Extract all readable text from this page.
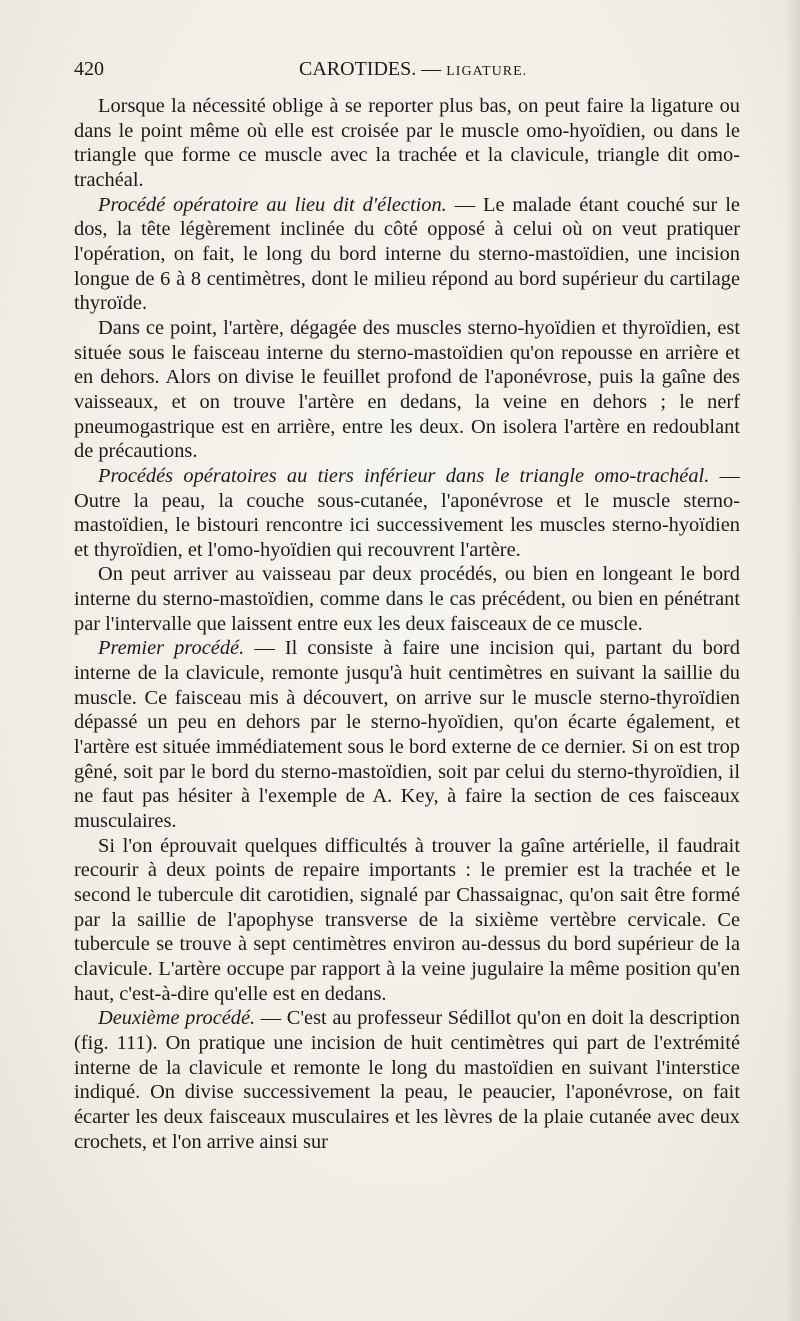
420	CAROTIDES. — LIGATURE.

Lorsque la nécessité oblige à se reporter plus bas, on peut faire la ligature ou dans le point même où elle est croisée par le muscle omo-hyoïdien, ou dans le triangle que forme ce muscle avec la trachée et la clavicule, triangle dit omo-trachéal.

Procédé opératoire au lieu dit d'élection. — Le malade étant couché sur le dos, la tête légèrement inclinée du côté opposé à celui où on veut pratiquer l'opération, on fait, le long du bord interne du sterno-mastoïdien, une incision longue de 6 à 8 centimètres, dont le milieu répond au bord supérieur du cartilage thyroïde.

Dans ce point, l'artère, dégagée des muscles sterno-hyoïdien et thyroïdien, est située sous le faisceau interne du sterno-mastoïdien qu'on repousse en arrière et en dehors. Alors on divise le feuillet profond de l'aponévrose, puis la gaîne des vaisseaux, et on trouve l'artère en dedans, la veine en dehors ; le nerf pneumogastrique est en arrière, entre les deux. On isolera l'artère en redoublant de précautions.

Procédés opératoires au tiers inférieur dans le triangle omo-trachéal. — Outre la peau, la couche sous-cutanée, l'aponévrose et le muscle sterno-mastoïdien, le bistouri rencontre ici successivement les muscles sterno-hyoïdien et thyroïdien, et l'omo-hyoïdien qui recouvrent l'artère.

On peut arriver au vaisseau par deux procédés, ou bien en longeant le bord interne du sterno-mastoïdien, comme dans le cas précédent, ou bien en pénétrant par l'intervalle que laissent entre eux les deux faisceaux de ce muscle.

Premier procédé. — Il consiste à faire une incision qui, partant du bord interne de la clavicule, remonte jusqu'à huit centimètres en suivant la saillie du muscle. Ce faisceau mis à découvert, on arrive sur le muscle sterno-thyroïdien dépassé un peu en dehors par le sterno-hyoïdien, qu'on écarte également, et l'artère est située immédiatement sous le bord externe de ce dernier. Si on est trop gêné, soit par le bord du sterno-mastoïdien, soit par celui du sterno-thyroïdien, il ne faut pas hésiter à l'exemple de A. Key, à faire la section de ces faisceaux musculaires.

Si l'on éprouvait quelques difficultés à trouver la gaîne artérielle, il faudrait recourir à deux points de repaire importants : le premier est la trachée et le second le tubercule dit carotidien, signalé par Chassaignac, qu'on sait être formé par la saillie de l'apophyse transverse de la sixième vertèbre cervicale. Ce tubercule se trouve à sept centimètres environ au-dessus du bord supérieur de la clavicule. L'artère occupe par rapport à la veine jugulaire la même position qu'en haut, c'est-à-dire qu'elle est en dedans.

Deuxième procédé. — C'est au professeur Sédillot qu'on en doit la description (fig. 111). On pratique une incision de huit centimètres qui part de l'extrémité interne de la clavicule et remonte le long du mastoïdien en suivant l'interstice indiqué. On divise successivement la peau, le peaucier, l'aponévrose, on fait écarter les deux faisceaux musculaires et les lèvres de la plaie cutanée avec deux crochets, et l'on arrive ainsi sur
